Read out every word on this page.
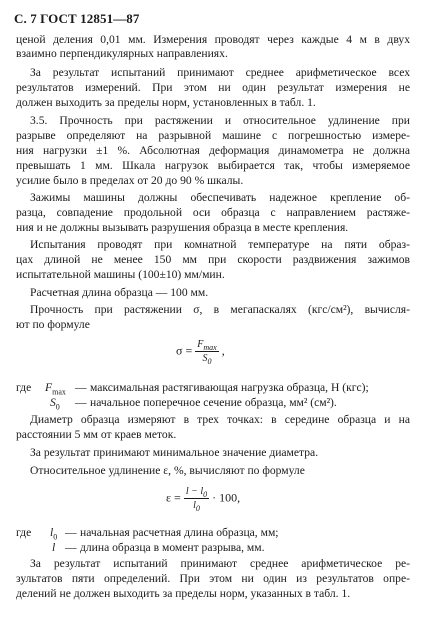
С. 7 ГОСТ 12851—87
ценой деления 0,01 мм. Измерения проводят через каждые 4 м в двух
взаимно перпендикулярных направлениях.
За результат испытаний принимают среднее арифметическое всех
результатов измерений. При этом ни один результат измерения не
должен выходить за пределы норм, установленных в табл. 1.
3.5. Прочность при растяжении и относительное удлинение при
разрыве определяют на разрывной машине с погрешностью измере-
ния нагрузки ±1 %. Абсолютная деформация динамометра не должна
превышать 1 мм. Шкала нагрузок выбирается так, чтобы измеряемое
усилие было в пределах от 20 до 90 % шкалы.
Зажимы машины должны обеспечивать надежное крепление об-
разца, совпадение продольной оси образца с направлением растяже-
ния и не должны вызывать разрушения образца в месте крепления.
Испытания проводят при комнатной температуре на пяти образ-
цах длиной не менее 150 мм при скорости раздвижения зажимов
испытательной машины (100±10) мм/мин.
Расчетная длина образца — 100 мм.
Прочность при растяжении σ, в мегапаскалях (кгс/см²), вычисля-
ют по формуле
$\sigma = \frac{F_{max}}{S_0}$ ,
где $F_{max}$ — максимальная растягивающая нагрузка образца, Н (кгс);
$S_0$ — начальное поперечное сечение образца, мм² (см²).
Диаметр образца измеряют в трех точках: в середине образца и на
расстоянии 5 мм от краев меток.
За результат принимают минимальное значение диаметра.
Относительное удлинение ε, %, вычисляют по формуле
$\varepsilon = \frac{l - l_0}{l_0} \cdot 100$,
где $l_0$ — начальная расчетная длина образца, мм;
l — длина образца в момент разрыва, мм.
За результат испытаний принимают среднее арифметическое ре-
зультатов пяти определений. При этом ни один из результатов опре-
делений не должен выходить за пределы норм, указанных в табл. 1.
